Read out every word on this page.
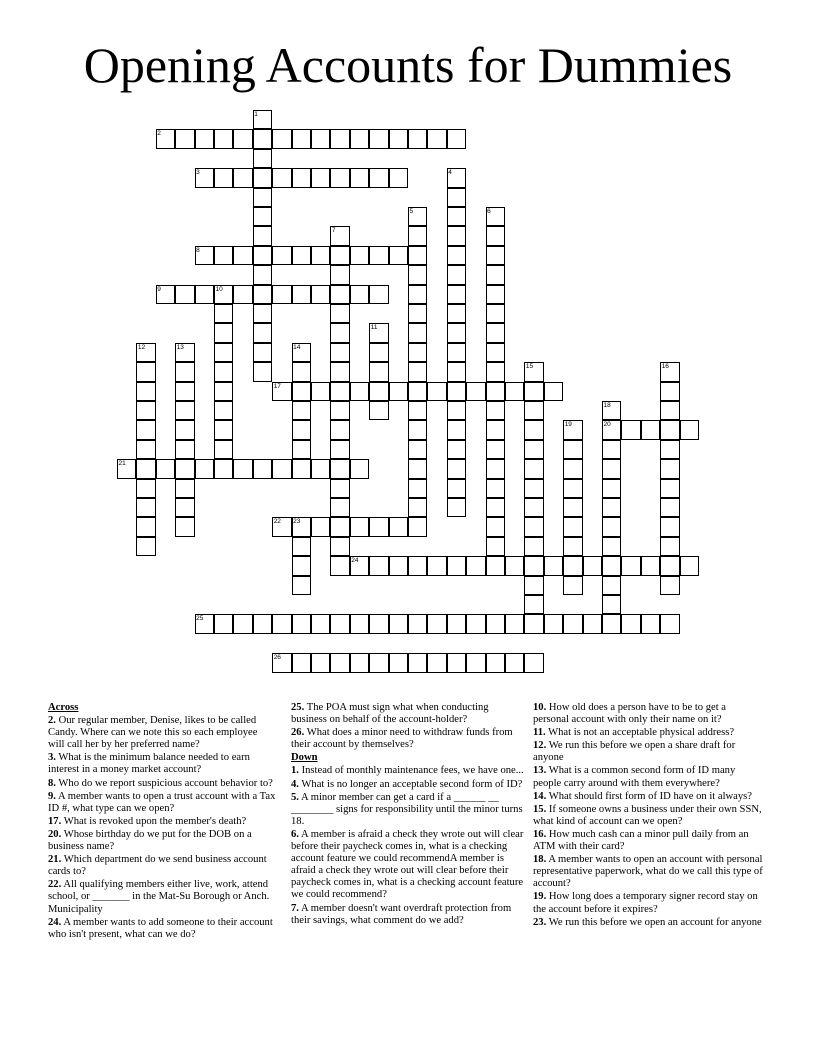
Opening Accounts for Dummies
2
3
8
9
17
20
21
22
24
25
26
1
4
5	6
7
10
11
12	13	14
15	16
18
19
23
Across
2. Our regular member, Denise, likes to be called Candy. Where can we note this so each employee will call her by her preferred name?
3. What is the minimum balance needed to earn interest in a money market account?
8. Who do we report suspicious account behavior to?
9. A member wants to open a trust account with a Tax ID #, what type can we open?
17. What is revoked upon the member's death?
20. Whose birthday do we put for the DOB on a business name?
21. Which department do we send business account cards to?
22. All qualifying members either live, work, attend school, or _______ in the Mat-Su Borough or Anch. Municipality
24. A member wants to add someone to their account who isn't present, what can we do?
25. The POA must sign what when conducting business on behalf of the account-holder?
26. What does a minor need to withdraw funds from their account by themselves?
Down
1. Instead of monthly maintenance fees, we have one...
4. What is no longer an acceptable second form of ID?
5. A minor member can get a card if a ______ __ ________ signs for responsibility until the minor turns 18.
6. A member is afraid a check they wrote out will clear before their paycheck comes in, what is a checking account feature we could recommendA member is afraid a check they wrote out will clear before their paycheck comes in, what is a checking account feature we could recommend?
7. A member doesn't want overdraft protection from their savings, what comment do we add?
10. How old does a person have to be to get a personal account with only their name on it?
11. What is not an acceptable physical address?
12. We run this before we open a share draft for anyone
13. What is a common second form of ID many people carry around with them everywhere?
14. What should first form of ID have on it always?
15. If someone owns a business under their own SSN, what kind of account can we open?
16. How much cash can a minor pull daily from an ATM with their card?
18. A member wants to open an account with personal representative paperwork, what do we call this type of account?
19. How long does a temporary signer record stay on the account before it expires?
23. We run this before we open an account for anyone
